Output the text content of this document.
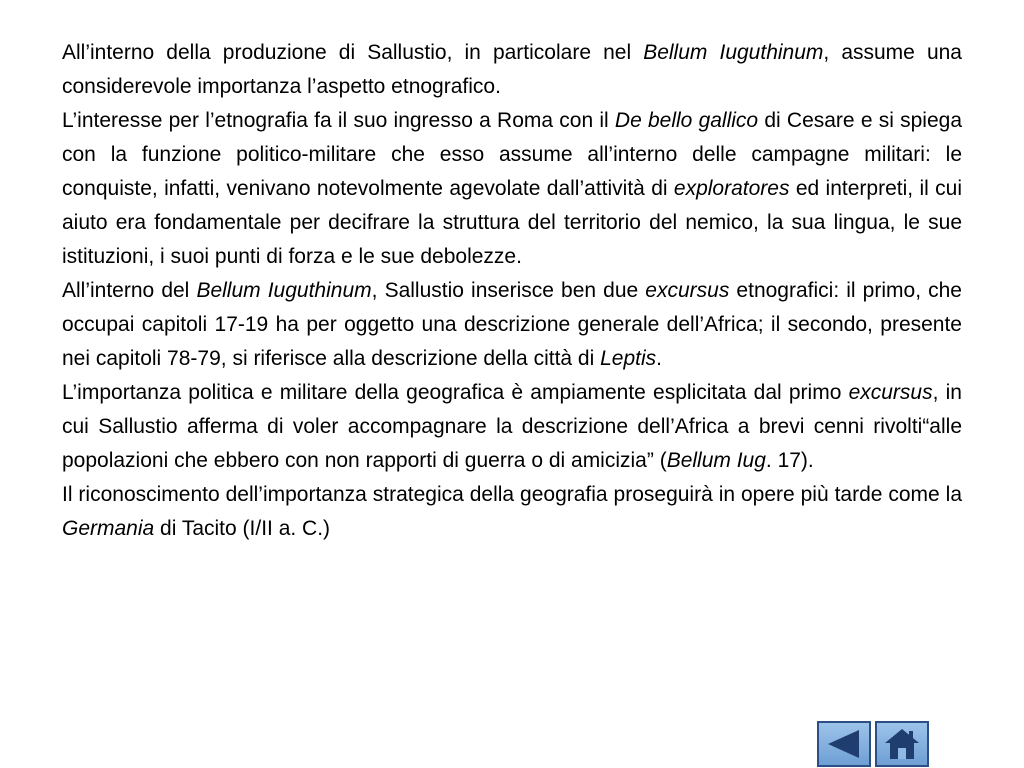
All’interno della produzione di Sallustio, in particolare nel Bellum Iuguthinum, assume una considerevole importanza l’aspetto etnografico.

L’interesse per l’etnografia fa il suo ingresso a Roma con il De bello gallico di Cesare e si spiega con la funzione politico-militare che esso assume all’interno delle campagne militari: le conquiste, infatti, venivano notevolmente agevolate dall’attività di exploratores ed interpreti, il cui aiuto era fondamentale per decifrare la struttura del territorio del nemico, la sua lingua, le sue istituzioni, i suoi punti di forza e le sue debolezze.

All’interno del Bellum Iuguthinum, Sallustio inserisce ben due excursus etnografici: il primo, che occupai capitoli 17-19 ha per oggetto una descrizione generale dell’Africa; il secondo, presente nei capitoli 78-79, si riferisce alla descrizione della città di Leptis.

L’importanza politica e militare della geografica è ampiamente esplicitata dal primo excursus, in cui Sallustio afferma di voler accompagnare la descrizione dell’Africa a brevi cenni rivolti“alle popolazioni che ebbero con non rapporti di guerra o di amicizia” (Bellum Iug. 17).

Il riconoscimento dell’importanza strategica della geografia proseguirà in opere più tarde come la Germania di Tacito (I/II a. C.)
